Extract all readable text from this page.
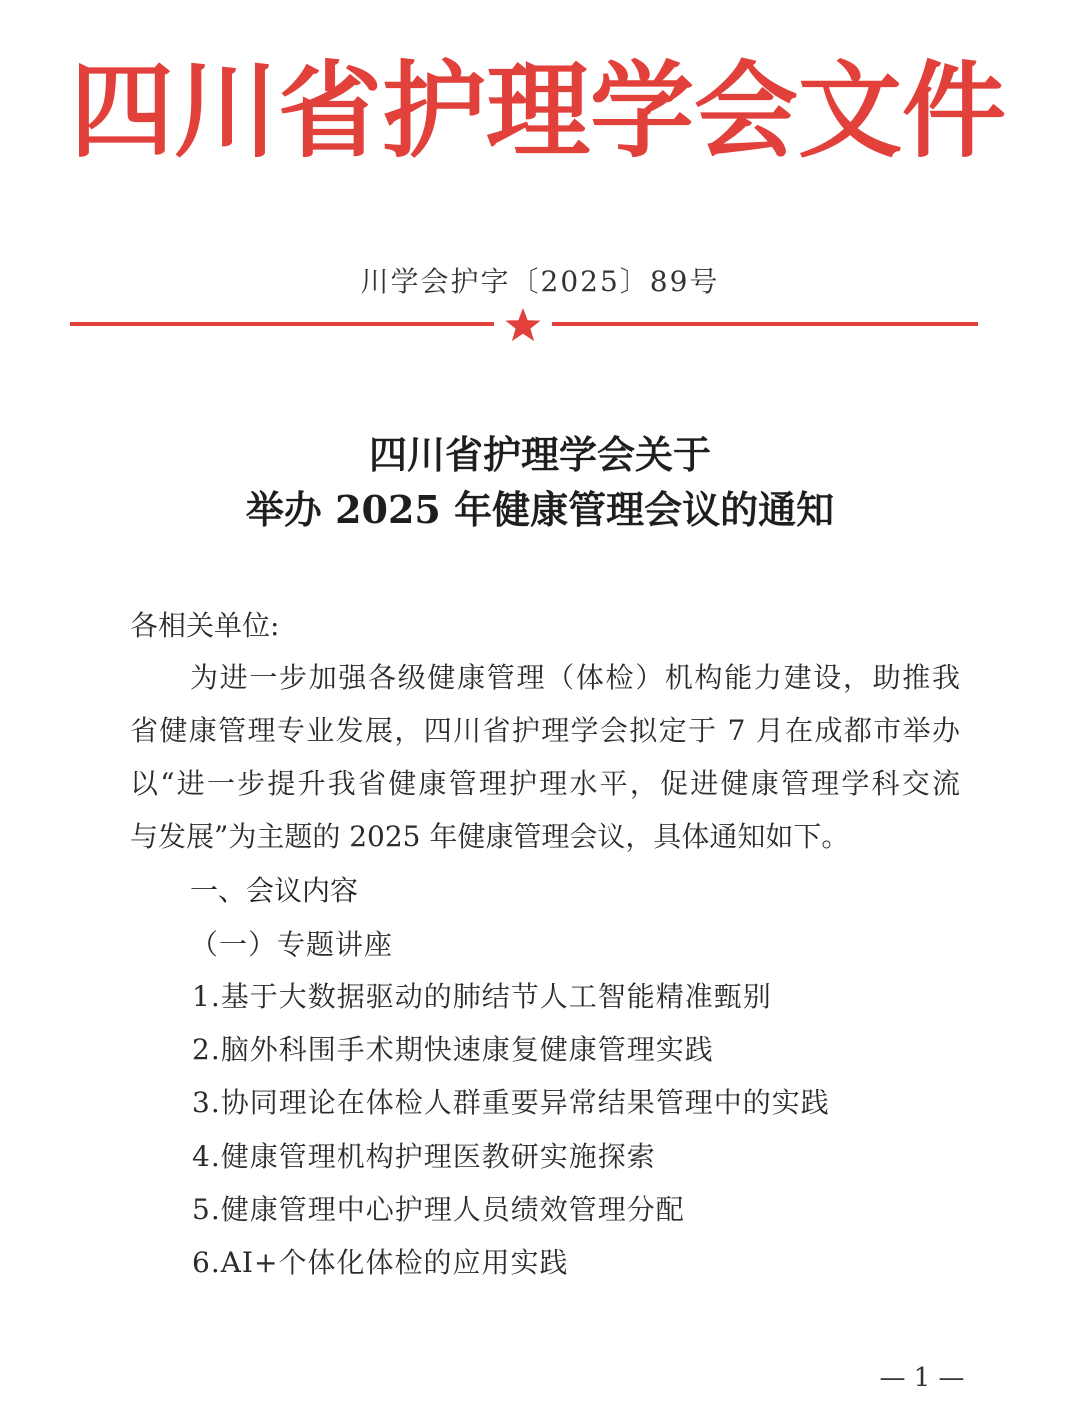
四川省护理学会文件
川学会护字〔2025〕89号
四川省护理学会关于
举办 2025 年健康管理会议的通知
各相关单位:
为进一步加强各级健康管理（体检）机构能力建设，助推我
省健康管理专业发展，四川省护理学会拟定于 7 月在成都市举办
以“进一步提升我省健康管理护理水平，促进健康管理学科交流
与发展”为主题的 2025 年健康管理会议，具体通知如下。
一、会议内容
（一）专题讲座
1.基于大数据驱动的肺结节人工智能精准甄别
2.脑外科围手术期快速康复健康管理实践
3.协同理论在体检人群重要异常结果管理中的实践
4.健康管理机构护理医教研实施探索
5.健康管理中心护理人员绩效管理分配
6.AI+个体化体检的应用实践
— 1 —
